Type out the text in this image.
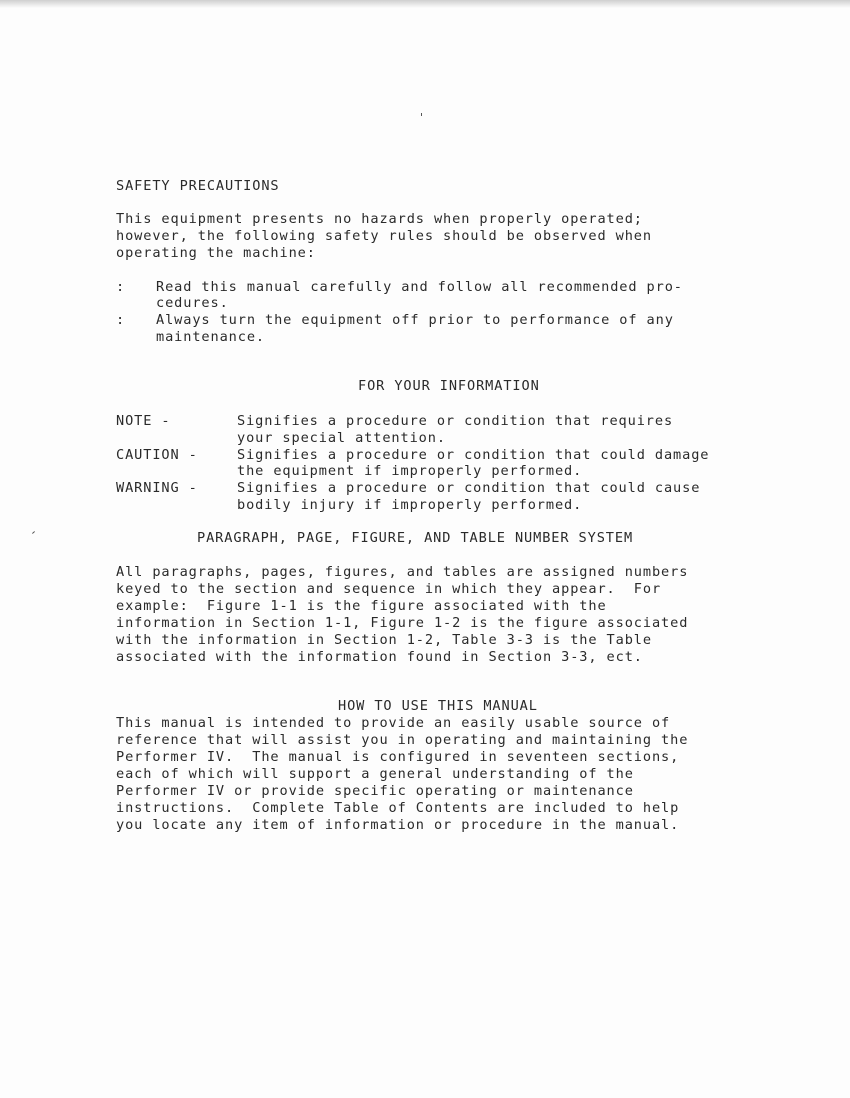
SAFETY PRECAUTIONS
This equipment presents no hazards when properly operated;
however, the following safety rules should be observed when
operating the machine:
: Read this manual carefully and follow all recommended pro-
cedures.
: Always turn the equipment off prior to performance of any
maintenance.
FOR YOUR INFORMATION
NOTE -	Signifies a procedure or condition that requires
your special attention.
CAUTION -	Signifies a procedure or condition that could damage
the equipment if improperly performed.
WARNING -	Signifies a procedure or condition that could cause
bodily injury if improperly performed.
PARAGRAPH, PAGE, FIGURE, AND TABLE NUMBER SYSTEM
All paragraphs, pages, figures, and tables are assigned numbers
keyed to the section and sequence in which they appear.  For
example:  Figure 1-1 is the figure associated with the
information in Section 1-1, Figure 1-2 is the figure associated
with the information in Section 1-2, Table 3-3 is the Table
associated with the information found in Section 3-3, ect.
HOW TO USE THIS MANUAL
This manual is intended to provide an easily usable source of
reference that will assist you in operating and maintaining the
Performer IV.  The manual is configured in seventeen sections,
each of which will support a general understanding of the
Performer IV or provide specific operating or maintenance
instructions.  Complete Table of Contents are included to help
you locate any item of information or procedure in the manual.
